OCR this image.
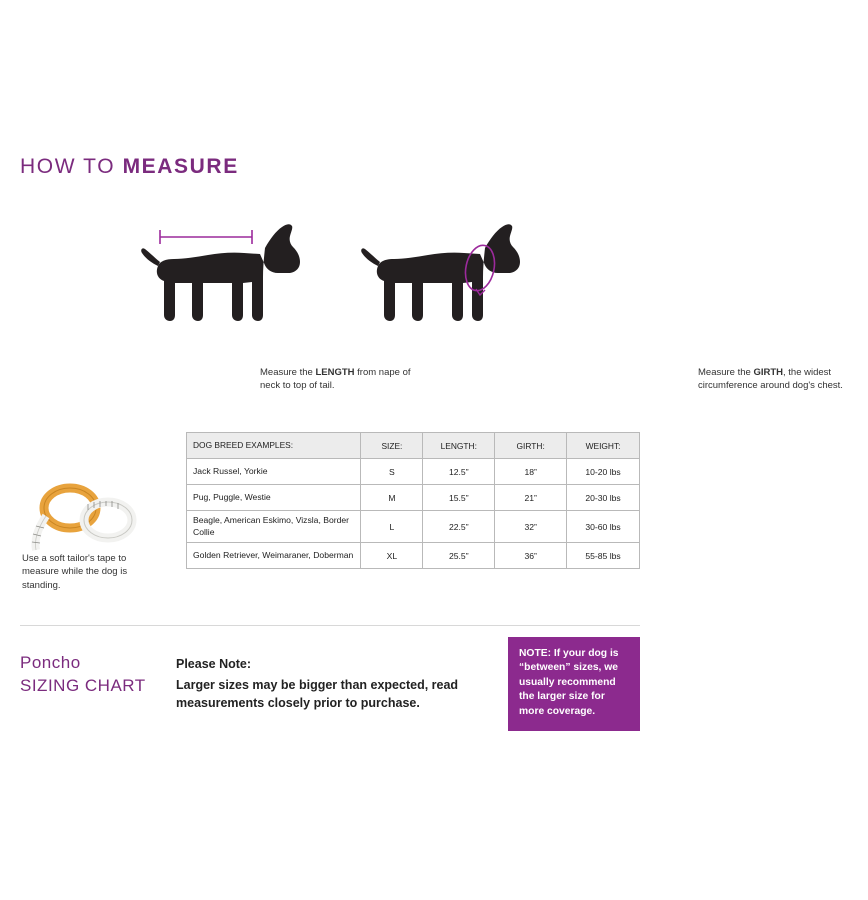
HOW TO MEASURE
Measure the LENGTH from nape of neck to top of tail.
Measure the GIRTH, the widest circumference around dog's chest.
Use a soft tailor's tape to measure while the dog is standing.
DOG BREED EXAMPLES:	SIZE:	LENGTH:	GIRTH:	WEIGHT:
Jack Russel, Yorkie	S	12.5”	18”	10-20 lbs
Pug, Puggle, Westie	M	15.5”	21”	20-30 lbs
Beagle, American Eskimo, Vizsla, Border Collie	L	22.5”	32”	30-60 lbs
Golden Retriever, Weimaraner, Doberman	XL	25.5”	36”	55-85 lbs
Poncho
SIZING CHART
Please Note:
Larger sizes may be bigger than expected, read measurements closely prior to purchase.
NOTE: If your dog is “between” sizes, we usually recommend the larger size for more coverage.
